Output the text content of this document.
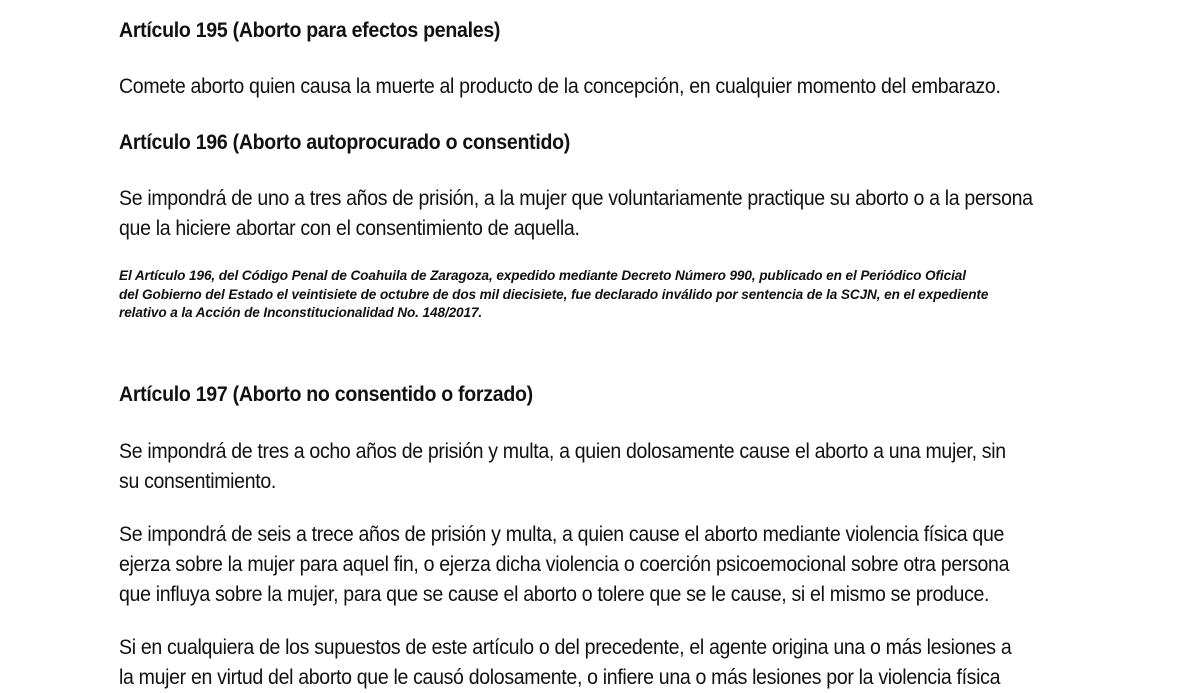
Artículo 195 (Aborto para efectos penales)

Comete aborto quien causa la muerte al producto de la concepción, en cualquier momento del embarazo.

Artículo 196 (Aborto autoprocurado o consentido)

Se impondrá de uno a tres años de prisión, a la mujer que voluntariamente practique su aborto o a la persona
que la hiciere abortar con el consentimiento de aquella.

El Artículo 196, del Código Penal de Coahuila de Zaragoza, expedido mediante Decreto Número 990, publicado en el Periódico Oficial
del Gobierno del Estado el veintisiete de octubre de dos mil diecisiete, fue declarado inválido por sentencia de la SCJN, en el expediente
relativo a la Acción de Inconstitucionalidad No. 148/2017.

Artículo 197 (Aborto no consentido o forzado)

Se impondrá de tres a ocho años de prisión y multa, a quien dolosamente cause el aborto a una mujer, sin
su consentimiento.

Se impondrá de seis a trece años de prisión y multa, a quien cause el aborto mediante violencia física que
ejerza sobre la mujer para aquel fin, o ejerza dicha violencia o coerción psicoemocional sobre otra persona
que influya sobre la mujer, para que se cause el aborto o tolere que se le cause, si el mismo se produce.

Si en cualquiera de los supuestos de este artículo o del precedente, el agente origina una o más lesiones a
la mujer en virtud del aborto que le causó dolosamente, o infiere una o más lesiones por la violencia física
